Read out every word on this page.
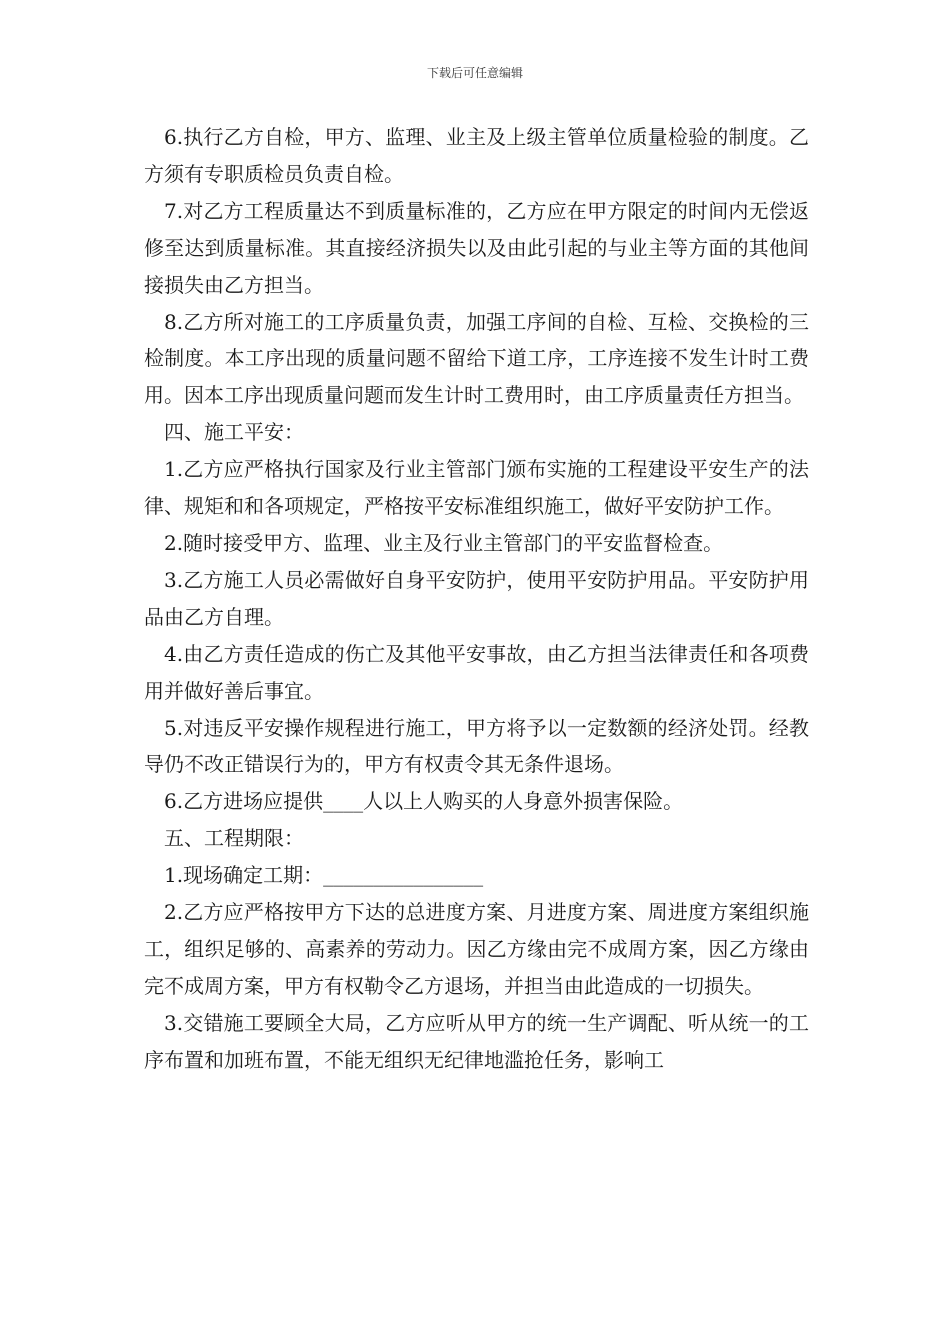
下载后可任意编辑

6.执行乙方自检，甲方、监理、业主及上级主管单位质量检验的制度。乙方须有专职质检员负责自检。

7.对乙方工程质量达不到质量标准的，乙方应在甲方限定的时间内无偿返修至达到质量标准。其直接经济损失以及由此引起的与业主等方面的其他间接损失由乙方担当。

8.乙方所对施工的工序质量负责，加强工序间的自检、互检、交换检的三检制度。本工序出现的质量问题不留给下道工序，工序连接不发生计时工费用。因本工序出现质量问题而发生计时工费用时，由工序质量责任方担当。

四、施工平安：

1.乙方应严格执行国家及行业主管部门颁布实施的工程建设平安生产的法律、规矩和和各项规定，严格按平安标准组织施工，做好平安防护工作。

2.随时接受甲方、监理、业主及行业主管部门的平安监督检查。

3.乙方施工人员必需做好自身平安防护，使用平安防护用品。平安防护用品由乙方自理。

4.由乙方责任造成的伤亡及其他平安事故，由乙方担当法律责任和各项费用并做好善后事宜。

5.对违反平安操作规程进行施工，甲方将予以一定数额的经济处罚。经教导仍不改正错误行为的，甲方有权责令其无条件退场。

6.乙方进场应提供____人以上人购买的人身意外损害保险。

五、工程期限：

1.现场确定工期：________________

2.乙方应严格按甲方下达的总进度方案、月进度方案、周进度方案组织施工，组织足够的、高素养的劳动力。因乙方缘由完不成周方案，因乙方缘由完不成周方案，甲方有权勒令乙方退场，并担当由此造成的一切损失。

3.交错施工要顾全大局，乙方应听从甲方的统一生产调配、听从统一的工序布置和加班布置，不能无组织无纪律地滥抢任务，影响工
